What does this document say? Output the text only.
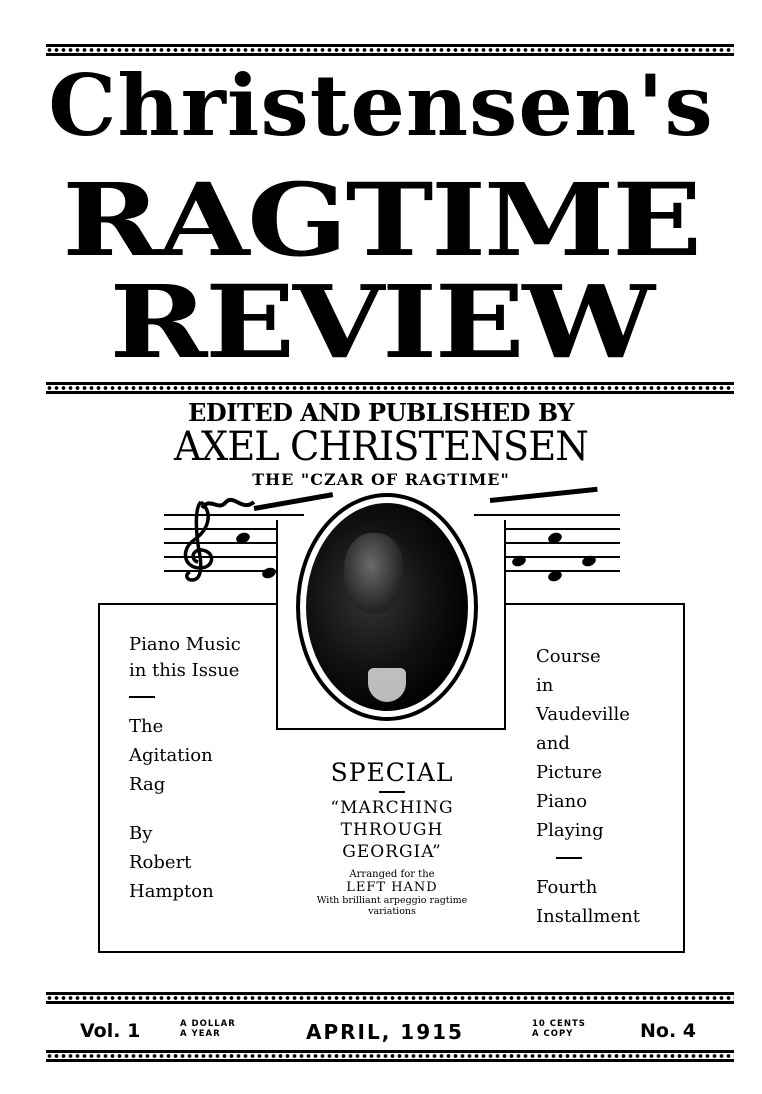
Christensen's
RAGTIME
REVIEW
EDITED AND PUBLISHED BY
AXEL CHRISTENSEN
THE "CZAR OF RAGTIME"
Piano Music
in this Issue
The
Agitation
Rag
By
Robert
Hampton
Course
in
Vaudeville
and
Picture
Piano
Playing
Fourth
Installment
SPECIAL
“MARCHING
THROUGH
GEORGIA”
Arranged for the
LEFT HAND
With brilliant arpeggio ragtime
variations
Vol. 1	A DOLLAR
A YEAR	APRIL, 1915	10 CENTS
A COPY	No. 4
